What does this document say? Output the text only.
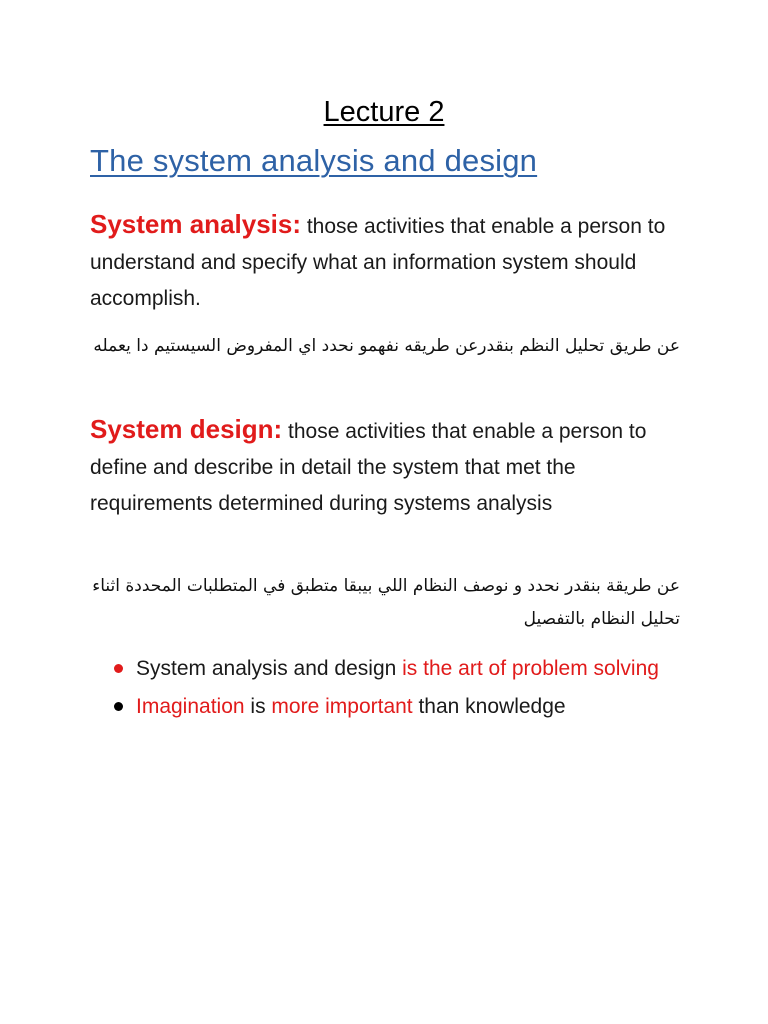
Lecture 2
The system analysis and design
System analysis: those activities that enable a person to understand and specify what an information system should accomplish.
عن طريق تحليل النظم بنقدرعن طريقه نفهمو نحدد اي المفروض السيستيم دا يعمله
System design: those activities that enable a person to define and describe in detail the system that met the requirements determined during systems analysis
عن طريقة بنقدر نحدد و نوصف النظام اللي بيبقا متطبق في المتطلبات المحددة اثناء تحليل النظام بالتفصيل
System analysis and design is the art of problem solving
Imagination is more important than knowledge
